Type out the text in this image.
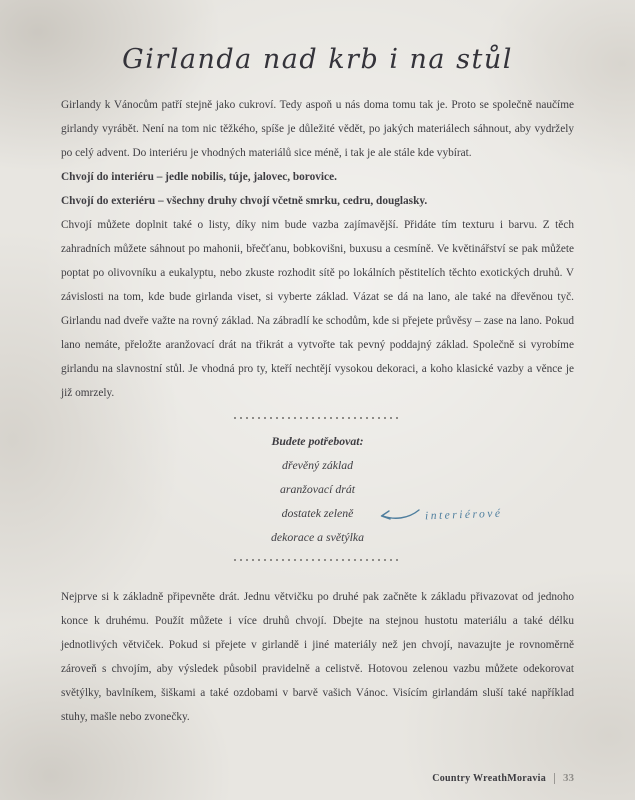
Girlanda nad krb i na stůl

Girlandy k Vánocům patří stejně jako cukroví. Tedy aspoň u nás doma tomu tak je. Proto se společně naučíme girlandy vyrábět. Není na tom nic těžkého, spíše je důležité vědět, po jakých materiálech sáhnout, aby vydržely po celý advent. Do interiéru je vhodných materiálů sice méně, i tak je ale stále kde vybírat.

Chvojí do interiéru – jedle nobilis, túje, jalovec, borovice.

Chvojí do exteriéru – všechny druhy chvojí včetně smrku, cedru, douglasky.

Chvojí můžete doplnit také o listy, díky nim bude vazba zajímavější. Přidáte tím texturu i barvu. Z těch zahradních můžete sáhnout po mahonii, břečťanu, bobkovišni, buxusu a cesmíně. Ve květinářství se pak můžete poptat po olivovníku a eukalyptu, nebo zkuste rozhodit sítě po lokálních pěstitelích těchto exotických druhů. V závislosti na tom, kde bude girlanda viset, si vyberte základ. Vázat se dá na lano, ale také na dřevěnou tyč. Girlandu nad dveře važte na rovný základ. Na zábradlí ke schodům, kde si přejete průvěsy – zase na lano. Pokud lano nemáte, přeložte aranžovací drát na třikrát a vytvořte tak pevný poddajný základ. Společně si vyrobíme girlandu na slavnostní stůl. Je vhodná pro ty, kteří nechtějí vysokou dekoraci, a koho klasické vazby a věnce je již omrzely.

Budete potřebovat:
dřevěný základ
aranžovací drát
dostatek zeleně	interiérové
dekorace a světýlka

Nejprve si k základně připevněte drát. Jednu větvičku po druhé pak začněte k základu přivazovat od jednoho konce k druhému. Použít můžete i více druhů chvojí. Dbejte na stejnou hustotu materiálu a také délku jednotlivých větviček. Pokud si přejete v girlandě i jiné materiály než jen chvojí, navazujte je rovnoměrně zároveň s chvojím, aby výsledek působil pravidelně a celistvě. Hotovou zelenou vazbu můžete odekorovat světýlky, bavlníkem, šiškami a také ozdobami v barvě vašich Vánoc. Visícím girlandám sluší také například stuhy, mašle nebo zvonečky.

Country WreathMoravia 33
